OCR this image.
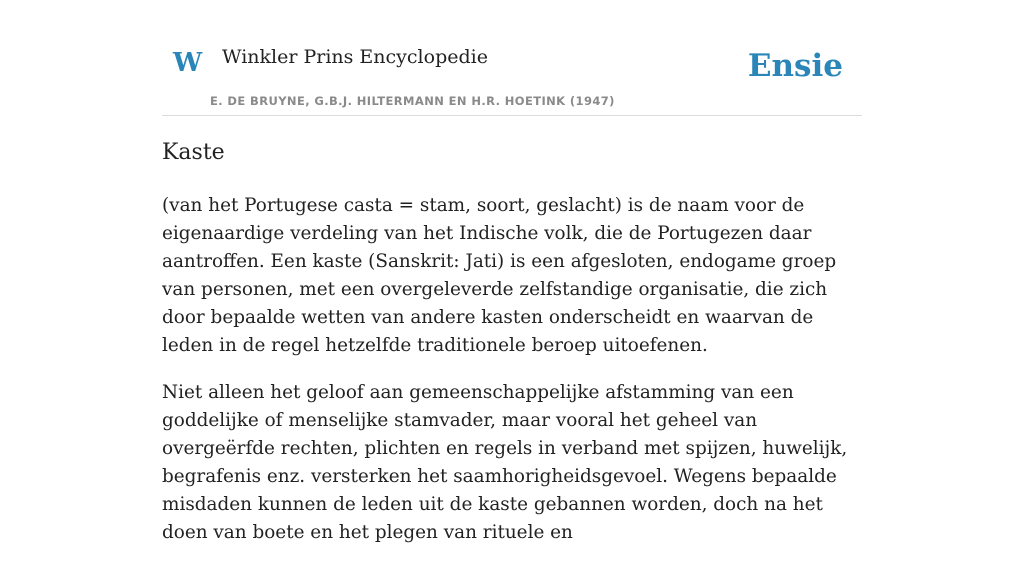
W Winkler Prins Encyclopedie
E. DE BRUYNE, G.B.J. HILTERMANN EN H.R. HOETINK (1947)
Ensie
Kaste

(van het Portugese casta = stam, soort, geslacht) is de naam voor de eigenaardige verdeling van het Indische volk, die de Portugezen daar aantroffen. Een kaste (Sanskrit: Jati) is een afgesloten, endogame groep van personen, met een overgeleverde zelfstandige organisatie, die zich door bepaalde wetten van andere kasten onderscheidt en waarvan de leden in de regel hetzelfde traditionele beroep uitoefenen.

Niet alleen het geloof aan gemeenschappelijke afstamming van een goddelijke of menselijke stamvader, maar vooral het geheel van overgeërfde rechten, plichten en regels in verband met spijzen, huwelijk, begrafenis enz. versterken het saamhorigheidsgevoel. Wegens bepaalde misdaden kunnen de leden uit de kaste gebannen worden, doch na het doen van boete en het plegen van rituele en
